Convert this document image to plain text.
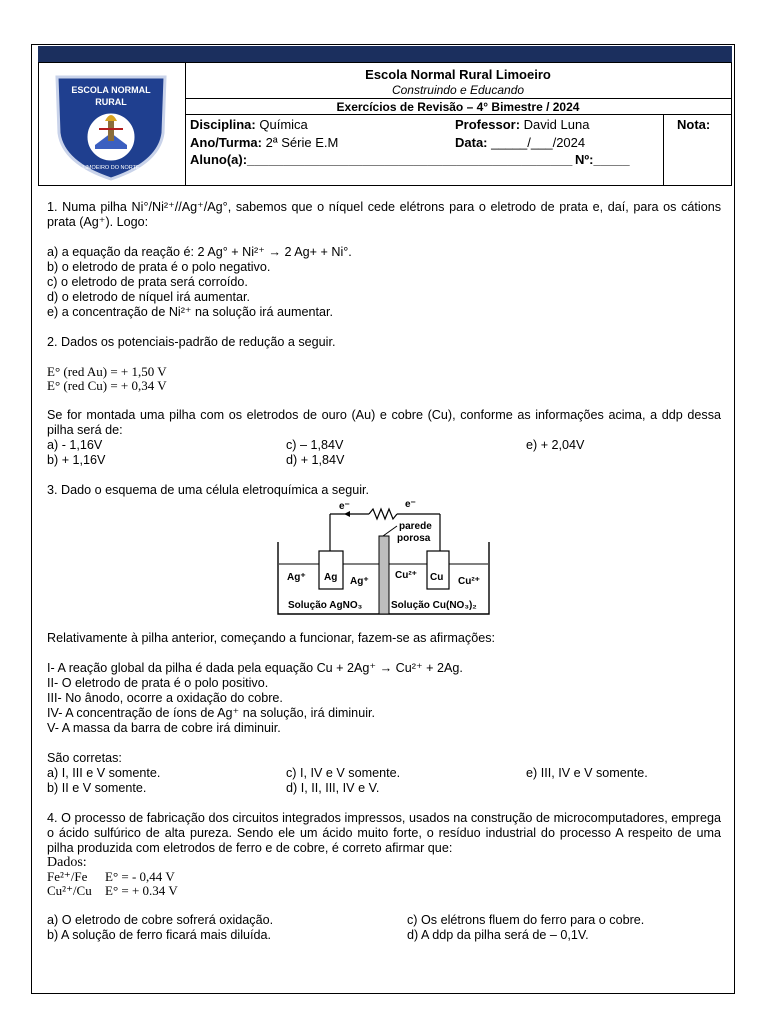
ESCOLA NORMAL
RURAL
LIMOEIRO DO NORTE
Escola Normal Rural Limoeiro
Construindo e Educando
Exercícios de Revisão – 4° Bimestre / 2024
Disciplina: Química	Professor: David Luna	Nota:
Ano/Turma: 2ª Série E.M	Data: _____/___/2024
Aluno(a):_____________________________________________ Nº:_____

1. Numa pilha Ni°/Ni²⁺//Ag⁺/Ag°, sabemos que o níquel cede elétrons para o eletrodo de prata e, daí, para os cátions prata (Ag⁺). Logo:

a) a equação da reação é: 2 Ag° + Ni²⁺ → 2 Ag+ + Ni°.

b) o eletrodo de prata é o polo negativo.

c) o eletrodo de prata será corroído.

d) o eletrodo de níquel irá aumentar.

e) a concentração de Ni²⁺ na solução irá aumentar.

2. Dados os potenciais-padrão de redução a seguir.

E° (red Au) = + 1,50 V

E° (red Cu) = + 0,34 V

Se for montada uma pilha com os eletrodos de ouro (Au) e cobre (Cu), conforme as informações acima, a ddp dessa pilha será de:

a) - 1,16V	c) – 1,84V	e) + 2,04V
b) + 1,16V	d) + 1,84V

3. Dado o esquema de uma célula eletroquímica a seguir.

e⁻	e⁻
parede
porosa
Ag⁺ Ag Ag⁺
Cu²⁺ Cu Cu²⁺
Solução AgNO₃	Solução Cu(NO₃)₂

Relativamente à pilha anterior, começando a funcionar, fazem-se as afirmações:

I- A reação global da pilha é dada pela equação Cu + 2Ag⁺ → Cu²⁺ + 2Ag.

II- O eletrodo de prata é o polo positivo.

III- No ânodo, ocorre a oxidação do cobre.

IV- A concentração de íons de Ag⁺ na solução, irá diminuir.

V- A massa da barra de cobre irá diminuir.

São corretas:

a) I, III e V somente.	c) I, IV e V somente.	e) III, IV e V somente.
b) II e V somente.	d) I, II, III, IV e V.

4. O processo de fabricação dos circuitos integrados impressos, usados na construção de microcomputadores, emprega o ácido sulfúrico de alta pureza. Sendo ele um ácido muito forte, o resíduo industrial do processo A respeito de uma pilha produzida com eletrodos de ferro e de cobre, é correto afirmar que:

Dados:

Fe²⁺/Fe	E° = - 0,44 V
Cu²⁺/Cu	E° = + 0.34 V
a) O eletrodo de cobre sofrerá oxidação.	c) Os elétrons fluem do ferro para o cobre.
b) A solução de ferro ficará mais diluída.	d) A ddp da pilha será de – 0,1V.
